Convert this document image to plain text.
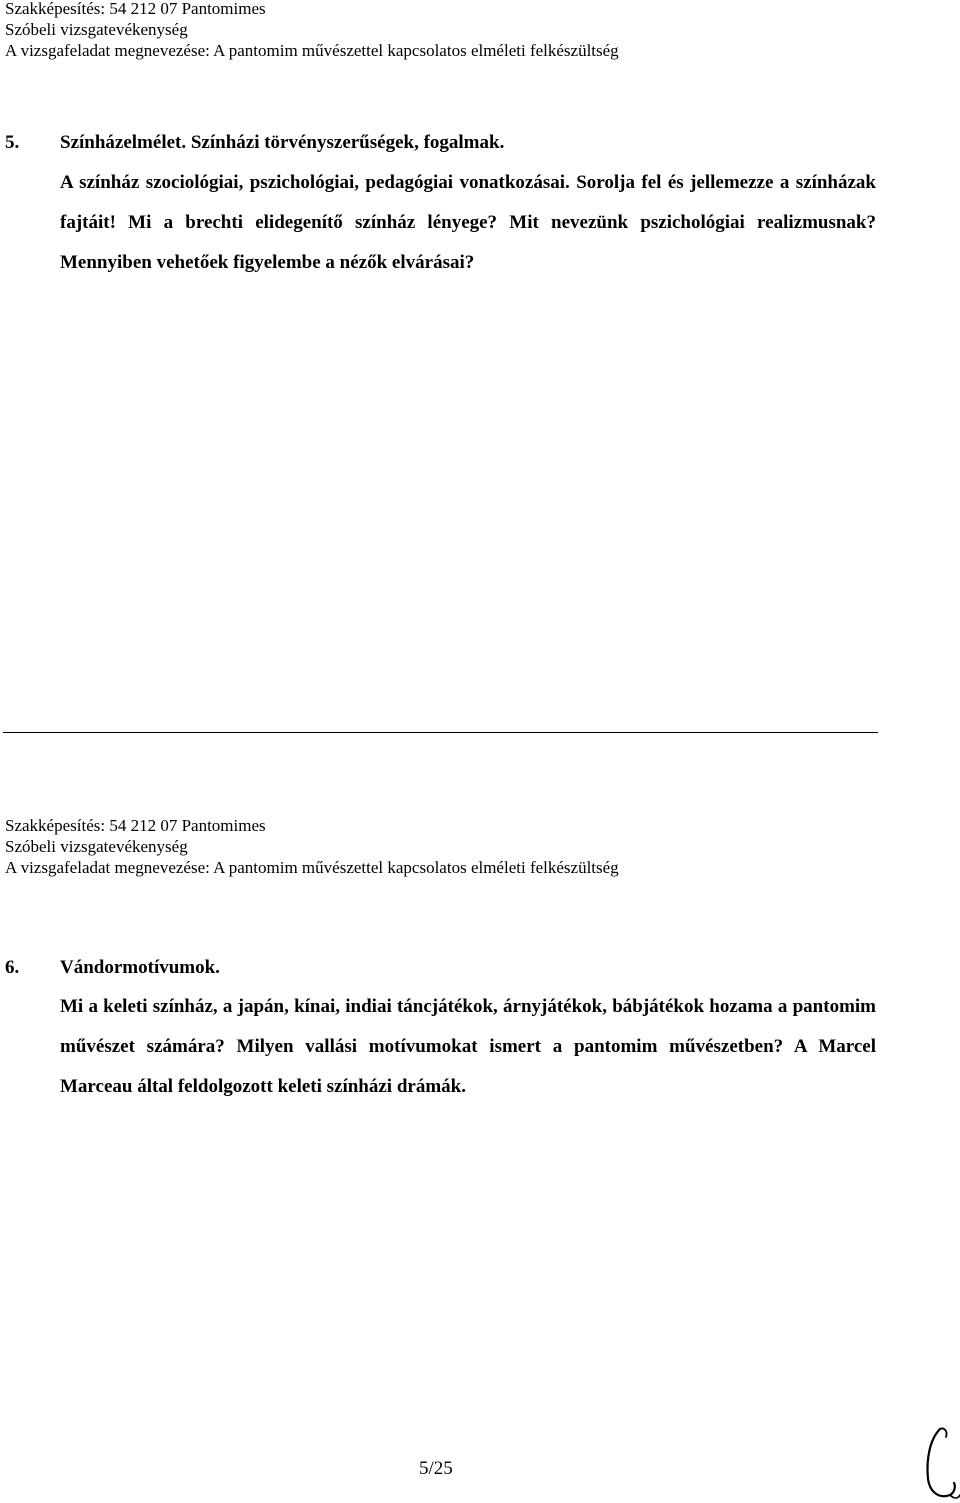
Szakképesítés: 54 212 07 Pantomimes
Szóbeli vizsgatevékenység
A vizsgafeladat megnevezése: A pantomim művészettel kapcsolatos elméleti felkészültség
5. Színházelmélet. Színházi törvényszerűségek, fogalmak.
A színház szociológiai, pszichológiai, pedagógiai vonatkozásai. Sorolja fel és jellemezze a színházak fajtáit! Mi a brechti elidegenítő színház lényege? Mit nevezünk pszichológiai realizmusnak? Mennyiben vehetőek figyelembe a nézők elvárásai?
Szakképesítés: 54 212 07 Pantomimes
Szóbeli vizsgatevékenység
A vizsgafeladat megnevezése: A pantomim művészettel kapcsolatos elméleti felkészültség
6. Vándormotívumok.
Mi a keleti színház, a japán, kínai, indiai táncjátékok, árnyjátékok, bábjátékok hozama a pantomim művészet számára? Milyen vallási motívumokat ismert a pantomim művészetben? A Marcel Marceau által feldolgozott keleti színházi drámák.
5/25
